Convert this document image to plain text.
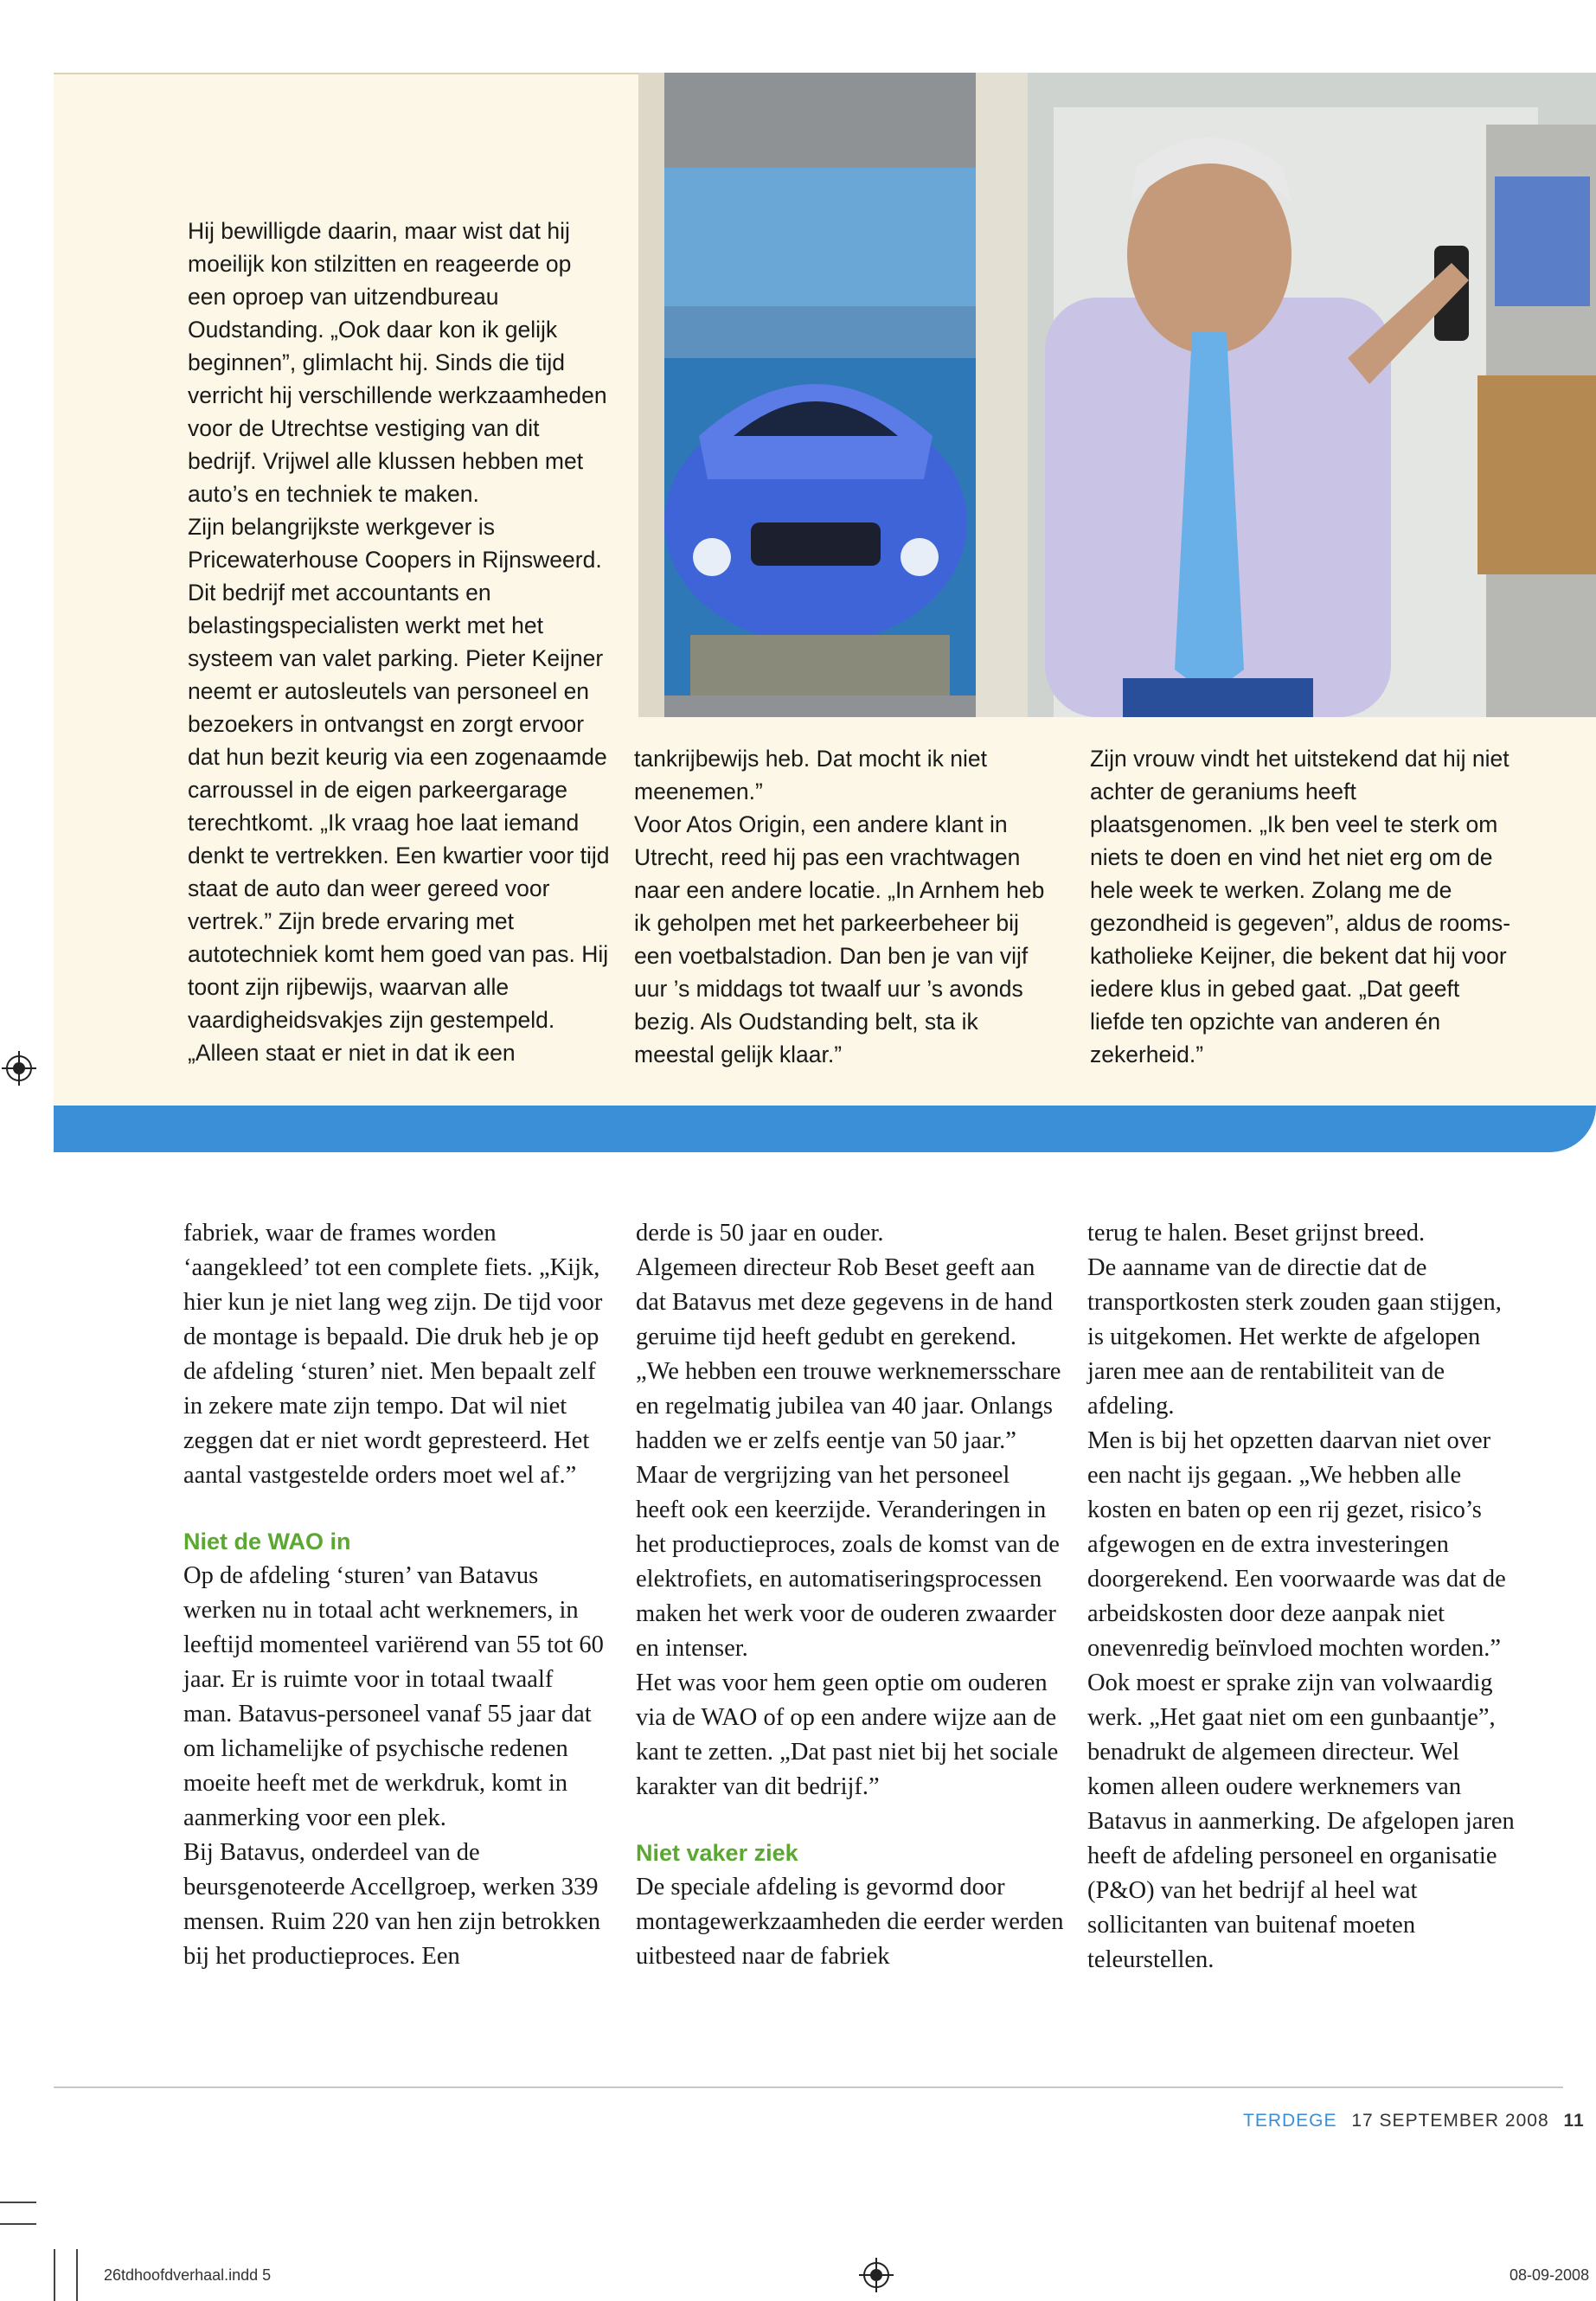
Hij bewilligde daarin, maar wist dat hij moeilijk kon stilzitten en reageerde op een oproep van uitzendbureau Oudstanding. „Ook daar kon ik gelijk beginnen”, glimlacht hij. Sinds die tijd verricht hij verschillende werkzaamheden voor de Utrechtse vestiging van dit bedrijf. Vrijwel alle klussen hebben met auto’s en techniek te maken.

Zijn belangrijkste werkgever is Pricewaterhouse Coopers in Rijnsweerd. Dit bedrijf met accountants en belastingspecialisten werkt met het systeem van valet parking. Pieter Keijner neemt er autosleutels van personeel en bezoekers in ontvangst en zorgt ervoor dat hun bezit keurig via een zogenaamde carroussel in de eigen parkeergarage terechtkomt. „Ik vraag hoe laat iemand denkt te vertrekken. Een kwartier voor tijd staat de auto dan weer gereed voor vertrek.” Zijn brede ervaring met autotechniek komt hem goed van pas. Hij toont zijn rijbewijs, waarvan alle vaardigheidsvakjes zijn gestempeld. „Alleen staat er niet in dat ik een

tankrijbewijs heb. Dat mocht ik niet meenemen.”

Voor Atos Origin, een andere klant in Utrecht, reed hij pas een vrachtwagen naar een andere locatie. „In Arnhem heb ik geholpen met het parkeerbeheer bij een voetbalstadion. Dan ben je van vijf uur ’s middags tot twaalf uur ’s avonds bezig. Als Oudstanding belt, sta ik meestal gelijk klaar.”

Zijn vrouw vindt het uitstekend dat hij niet achter de geraniums heeft plaatsgenomen. „Ik ben veel te sterk om niets te doen en vind het niet erg om de hele week te werken. Zolang me de gezondheid is gegeven”, aldus de rooms-katholieke Keijner, die bekent dat hij voor iedere klus in gebed gaat. „Dat geeft liefde ten opzichte van anderen én zekerheid.”

fabriek, waar de frames worden ‘aangekleed’ tot een complete fiets. „Kijk, hier kun je niet lang weg zijn. De tijd voor de montage is bepaald. Die druk heb je op de afdeling ‘sturen’ niet. Men bepaalt zelf in zekere mate zijn tempo. Dat wil niet zeggen dat er niet wordt gepresteerd. Het aantal vastgestelde orders moet wel af.”

Niet de WAO in

Op de afdeling ‘sturen’ van Batavus werken nu in totaal acht werknemers, in leeftijd momenteel variërend van 55 tot 60 jaar. Er is ruimte voor in totaal twaalf man. Batavus-personeel vanaf 55 jaar dat om lichamelijke of psychische redenen moeite heeft met de werkdruk, komt in aanmerking voor een plek.

Bij Batavus, onderdeel van de beursgenoteerde Accellgroep, werken 339 mensen. Ruim 220 van hen zijn betrokken bij het productieproces. Een

derde is 50 jaar en ouder.

Algemeen directeur Rob Beset geeft aan dat Batavus met deze gegevens in de hand geruime tijd heeft gedubt en gerekend. „We hebben een trouwe werknemersschare en regelmatig jubilea van 40 jaar. Onlangs hadden we er zelfs eentje van 50 jaar.” Maar de vergrijzing van het personeel heeft ook een keerzijde. Veranderingen in het productieproces, zoals de komst van de elektrofiets, en automatiseringsprocessen maken het werk voor de ouderen zwaarder en intenser.

Het was voor hem geen optie om ouderen via de WAO of op een andere wijze aan de kant te zetten. „Dat past niet bij het sociale karakter van dit bedrijf.”

Niet vaker ziek

De speciale afdeling is gevormd door montagewerkzaamheden die eerder werden uitbesteed naar de fabriek

terug te halen. Beset grijnst breed.

De aanname van de directie dat de transportkosten sterk zouden gaan stijgen, is uitgekomen. Het werkte de afgelopen jaren mee aan de rentabiliteit van de afdeling.

Men is bij het opzetten daarvan niet over een nacht ijs gegaan. „We hebben alle kosten en baten op een rij gezet, risico’s afgewogen en de extra investeringen doorgerekend. Een voorwaarde was dat de arbeidskosten door deze aanpak niet onevenredig beïnvloed mochten worden.”

Ook moest er sprake zijn van volwaardig werk. „Het gaat niet om een gunbaantje”, benadrukt de algemeen directeur. Wel komen alleen oudere werknemers van Batavus in aanmerking. De afgelopen jaren heeft de afdeling personeel en organisatie (P&O) van het bedrijf al heel wat sollicitanten van buitenaf moeten teleurstellen.

TERDEGE 17 SEPTEMBER 2008 11
26tdhoofdverhaal.indd 5	08-09-2008
